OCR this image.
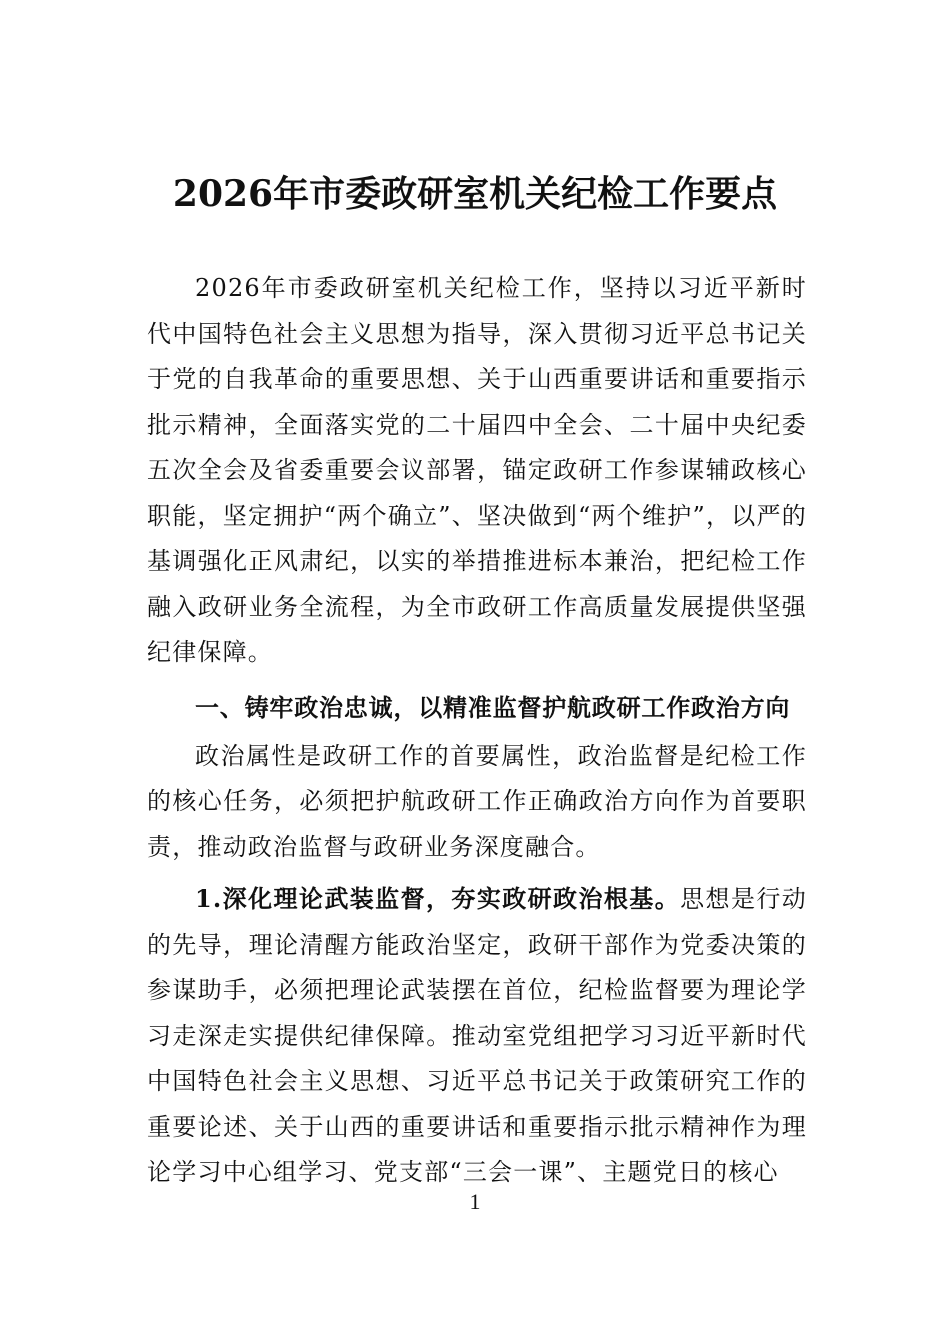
2026年市委政研室机关纪检工作要点

2026年市委政研室机关纪检工作，坚持以习近平新时代中国特色社会主义思想为指导，深入贯彻习近平总书记关于党的自我革命的重要思想、关于山西重要讲话和重要指示批示精神，全面落实党的二十届四中全会、二十届中央纪委五次全会及省委重要会议部署，锚定政研工作参谋辅政核心职能，坚定拥护“两个确立”、坚决做到“两个维护”，以严的基调强化正风肃纪，以实的举措推进标本兼治，把纪检工作融入政研业务全流程，为全市政研工作高质量发展提供坚强纪律保障。

一、铸牢政治忠诚，以精准监督护航政研工作政治方向

政治属性是政研工作的首要属性，政治监督是纪检工作的核心任务，必须把护航政研工作正确政治方向作为首要职责，推动政治监督与政研业务深度融合。

1.深化理论武装监督，夯实政研政治根基。思想是行动的先导，理论清醒方能政治坚定，政研干部作为党委决策的参谋助手，必须把理论武装摆在首位，纪检监督要为理论学习走深走实提供纪律保障。推动室党组把学习习近平新时代中国特色社会主义思想、习近平总书记关于政策研究工作的重要论述、关于山西的重要讲话和重要指示批示精神作为理论学习中心组学习、党支部“三会一课”、主题党日的核心

1
